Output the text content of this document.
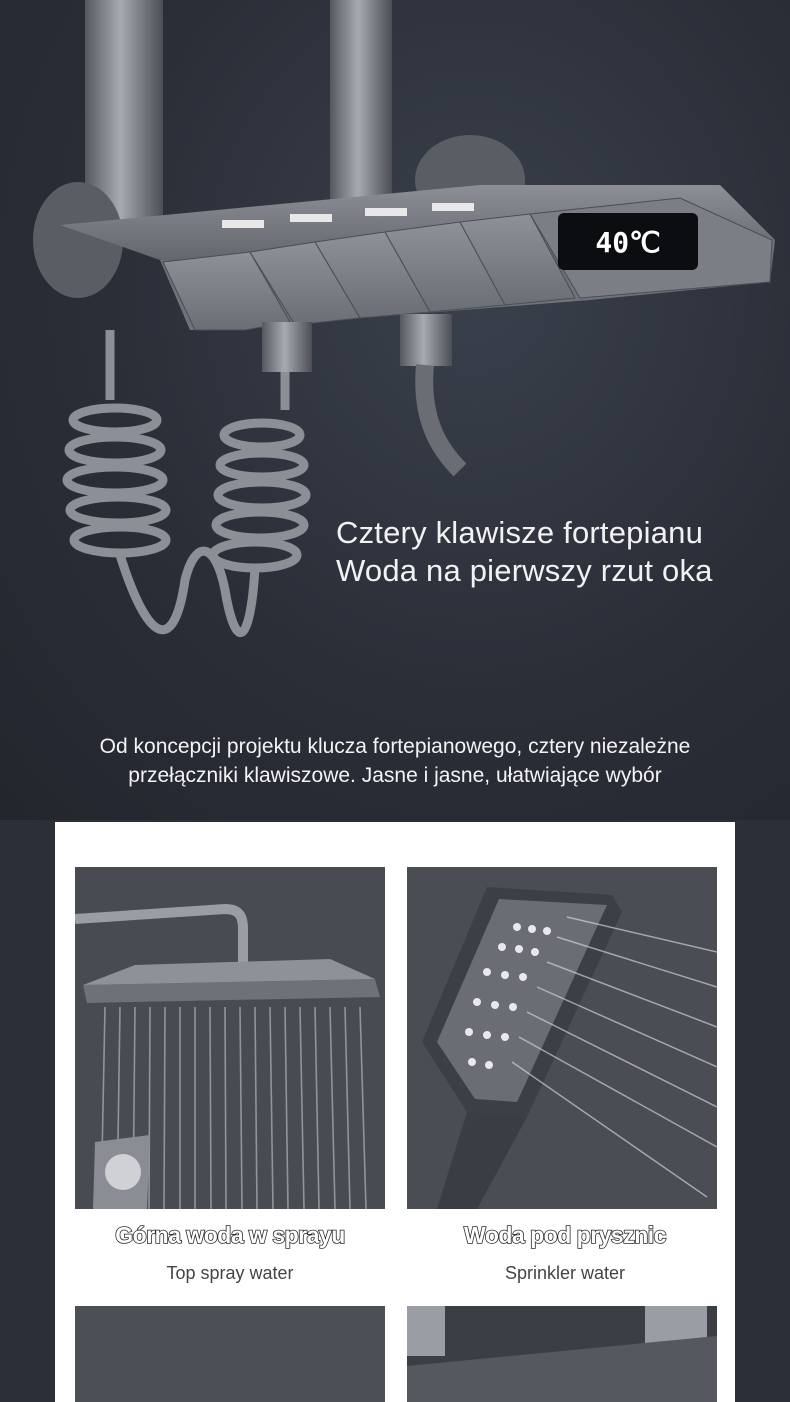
40℃
Cztery klawisze fortepianu
Woda na pierwszy rzut oka
Od koncepcji projektu klucza fortepianowego, cztery niezależne
przełączniki klawiszowe. Jasne i jasne, ułatwiające wybór
Górna woda w sprayu
Top spray water
Woda pod prysznic
Sprinkler water
